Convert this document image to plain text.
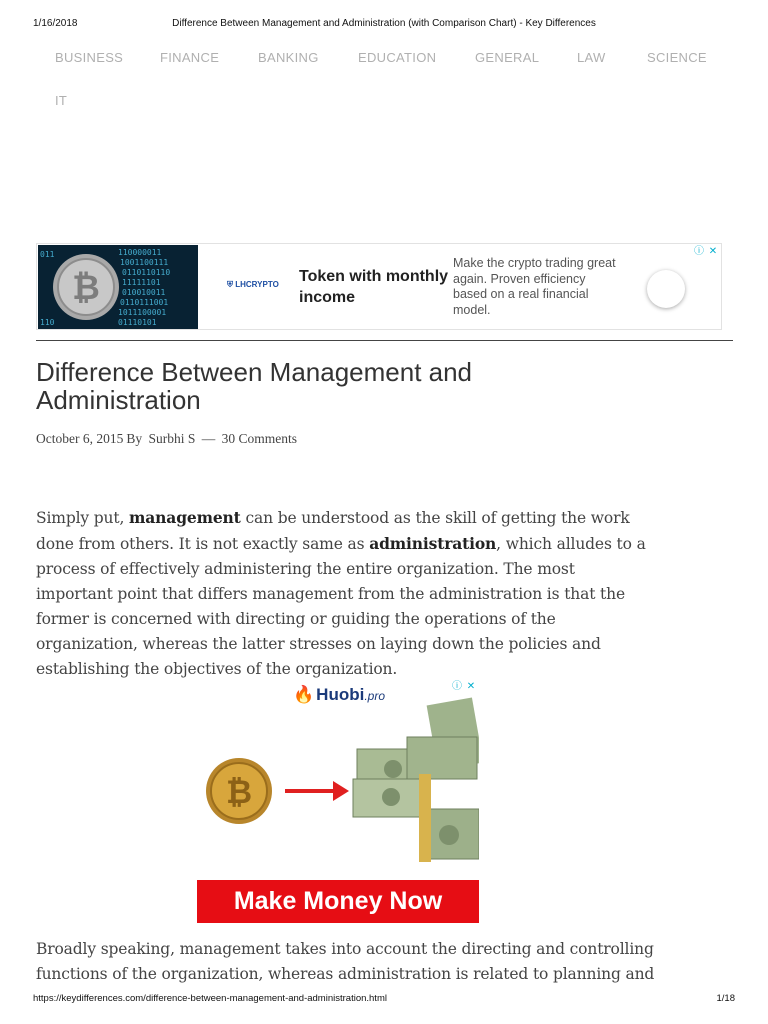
1/16/2018	Difference Between Management and Administration (with Comparison Chart) - Key Differences
BUSINESS	FINANCE	BANKING	EDUCATION	GENERAL	LAW	SCIENCE
IT
110000011
1001100111
0110110110
11111101
010010011
0110111001
1011100001
01110101
011
110
₿	⛨ LHCRYPTO Token with monthly income
Make the crypto trading great again. Proven efficiency based on a real financial model.
ⓘ ✕
Difference Between Management and Administration
October 6, 2015 By Surbhi S — 30 Comments

Simply put, management can be understood as the skill of getting the work done from others. It is not exactly same as administration, which alludes to a process of effectively administering the entire organization. The most important point that differs management from the administration is that the former is concerned with directing or guiding the operations of the organization, whereas the latter stresses on laying down the policies and establishing the objectives of the organization.

🔥 Huobi.pro
ⓘ ✕
₿
Make Money Now

Broadly speaking, management takes into account the directing and controlling functions of the organization, whereas administration is related to planning and

https://keydifferences.com/difference-between-management-and-administration.html	1/18
